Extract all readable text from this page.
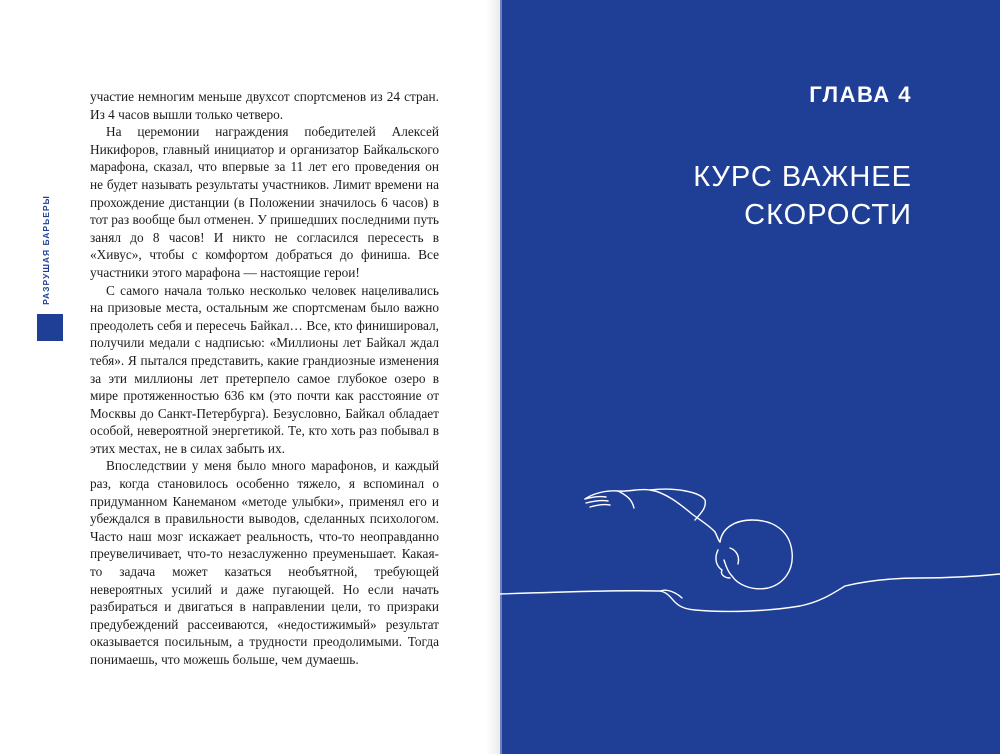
РАЗРУШАЯ БАРЬЕРЫ

участие немногим меньше двухсот спортсменов из 24 стран. Из 4 часов вышли только четверо.

На церемонии награждения победителей Алексей Никифоров, главный инициатор и организатор Байкальского марафона, сказал, что впервые за 11 лет его проведения он не будет называть результаты участников. Лимит времени на прохождение дистанции (в Положении значилось 6 часов) в тот раз вообще был отменен. У пришедших последними путь занял до 8 часов! И никто не согласился пересесть в «Хивус», чтобы с комфортом добраться до финиша. Все участники этого марафона — настоящие герои!

С самого начала только несколько человек нацеливались на призовые места, остальным же спортсменам было важно преодолеть себя и пересечь Байкал… Все, кто финишировал, получили медали с надписью: «Миллионы лет Байкал ждал тебя». Я пытался представить, какие грандиозные изменения за эти миллионы лет претерпело самое глубокое озеро в мире протяженностью 636 км (это почти как расстояние от Москвы до Санкт-Петербурга). Безусловно, Байкал обладает особой, невероятной энергетикой. Те, кто хоть раз побывал в этих местах, не в силах забыть их.

Впоследствии у меня было много марафонов, и каждый раз, когда становилось особенно тяжело, я вспоминал о придуманном Канеманом «методе улыбки», применял его и убеждался в правильности выводов, сделанных психологом. Часто наш мозг искажает реальность, что-то неоправданно преувеличивает, что-то незаслуженно преуменьшает. Какая-то задача может казаться необъятной, требующей невероятных усилий и даже пугающей. Но если начать разбираться и двигаться в направлении цели, то призраки предубеждений рассеиваются, «недостижимый» результат оказывается посильным, а трудности преодолимыми. Тогда понимаешь, что можешь больше, чем думаешь.

ГЛАВА 4
КУРС ВАЖНЕЕ
СКОРОСТИ
